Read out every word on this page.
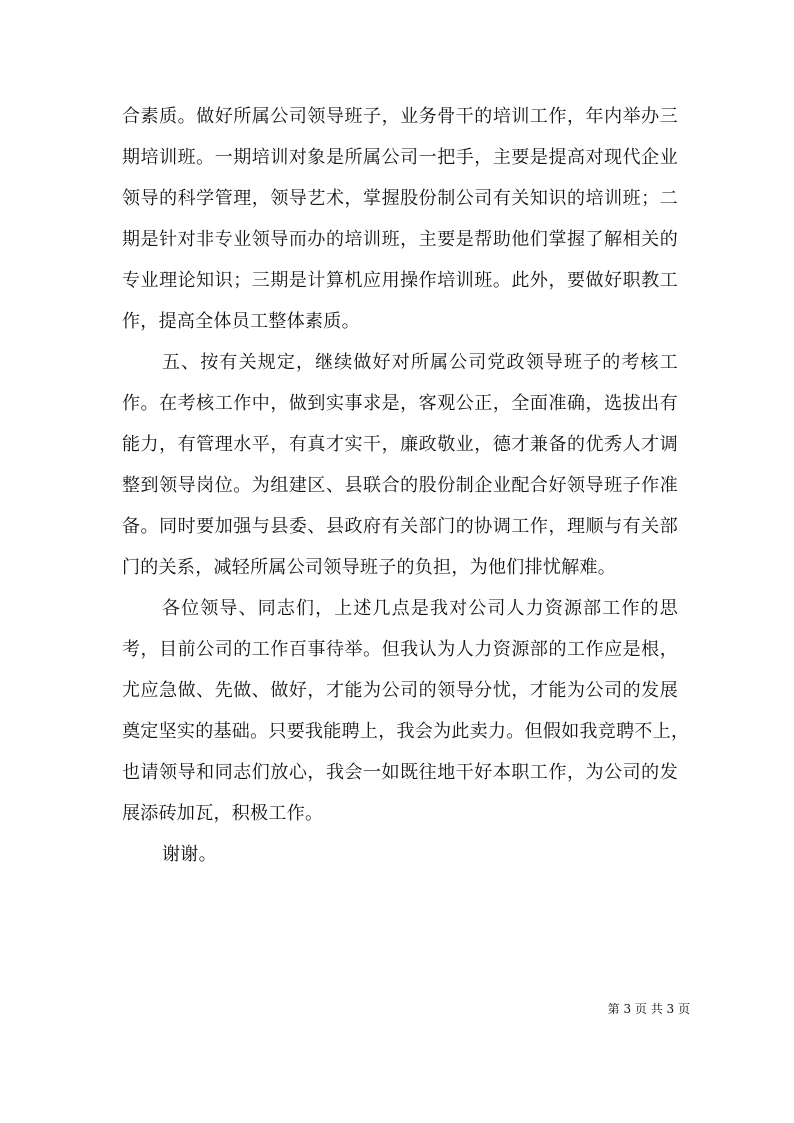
合素质。做好所属公司领导班子，业务骨干的培训工作，年内举办三
期培训班。一期培训对象是所属公司一把手，主要是提高对现代企业
领导的科学管理，领导艺术，掌握股份制公司有关知识的培训班；二
期是针对非专业领导而办的培训班，主要是帮助他们掌握了解相关的
专业理论知识；三期是计算机应用操作培训班。此外，要做好职教工
作，提高全体员工整体素质。
五、按有关规定，继续做好对所属公司党政领导班子的考核工
作。在考核工作中，做到实事求是，客观公正，全面准确，选拔出有
能力，有管理水平，有真才实干，廉政敬业，德才兼备的优秀人才调
整到领导岗位。为组建区、县联合的股份制企业配合好领导班子作准
备。同时要加强与县委、县政府有关部门的协调工作，理顺与有关部
门的关系，减轻所属公司领导班子的负担，为他们排忧解难。
各位领导、同志们，上述几点是我对公司人力资源部工作的思
考，目前公司的工作百事待举。但我认为人力资源部的工作应是根，
尤应急做、先做、做好，才能为公司的领导分忧，才能为公司的发展
奠定坚实的基础。只要我能聘上，我会为此卖力。但假如我竞聘不上，
也请领导和同志们放心，我会一如既往地干好本职工作，为公司的发
展添砖加瓦，积极工作。
谢谢。
第 3 页 共 3 页
